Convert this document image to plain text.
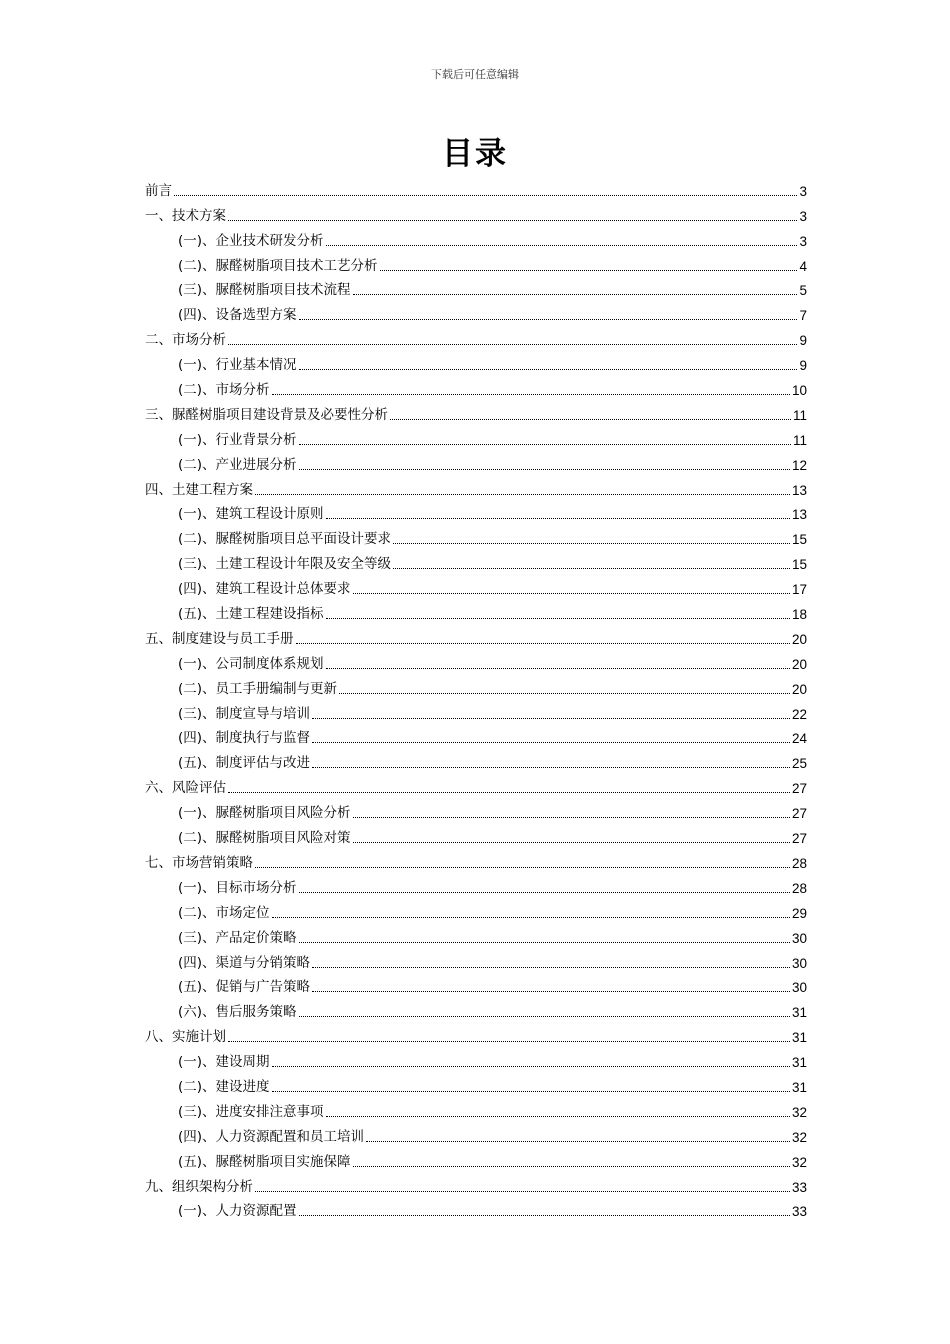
下载后可任意编辑
目录
前言	3
一、技术方案	3
(一)、企业技术研发分析	3
(二)、脲醛树脂项目技术工艺分析	4
(三)、脲醛树脂项目技术流程	5
(四)、设备选型方案	7
二、市场分析	9
(一)、行业基本情况	9
(二)、市场分析	10
三、脲醛树脂项目建设背景及必要性分析	11
(一)、行业背景分析	11
(二)、产业进展分析	12
四、土建工程方案	13
(一)、建筑工程设计原则	13
(二)、脲醛树脂项目总平面设计要求	15
(三)、土建工程设计年限及安全等级	15
(四)、建筑工程设计总体要求	17
(五)、土建工程建设指标	18
五、制度建设与员工手册	20
(一)、公司制度体系规划	20
(二)、员工手册编制与更新	20
(三)、制度宣导与培训	22
(四)、制度执行与监督	24
(五)、制度评估与改进	25
六、风险评估	27
(一)、脲醛树脂项目风险分析	27
(二)、脲醛树脂项目风险对策	27
七、市场营销策略	28
(一)、目标市场分析	28
(二)、市场定位	29
(三)、产品定价策略	30
(四)、渠道与分销策略	30
(五)、促销与广告策略	30
(六)、售后服务策略	31
八、实施计划	31
(一)、建设周期	31
(二)、建设进度	31
(三)、进度安排注意事项	32
(四)、人力资源配置和员工培训	32
(五)、脲醛树脂项目实施保障	32
九、组织架构分析	33
(一)、人力资源配置	33
